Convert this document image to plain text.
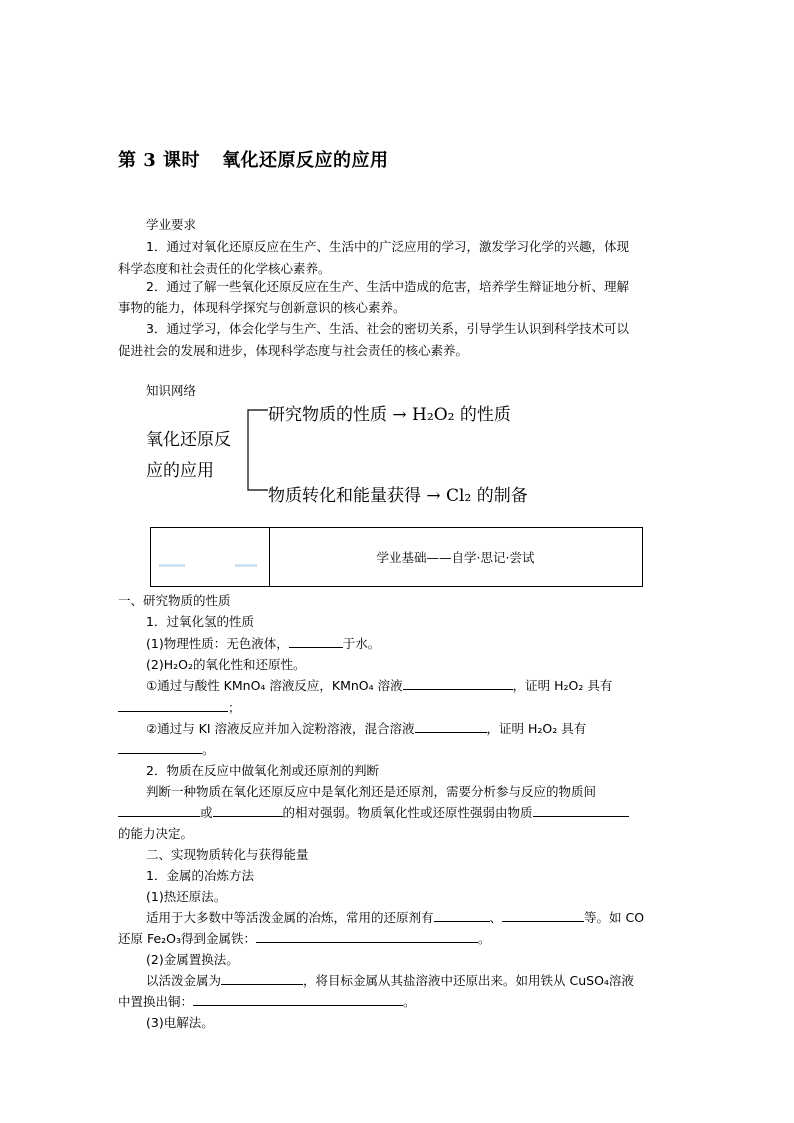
第 3 课时 氧化还原反应的应用
学业要求
1．通过对氧化还原反应在生产、生活中的广泛应用的学习，激发学习化学的兴趣，体现
科学态度和社会责任的化学核心素养。
2．通过了解一些氧化还原反应在生产、生活中造成的危害，培养学生辩证地分析、理解
事物的能力，体现科学探究与创新意识的核心素养。
3．通过学习，体会化学与生产、生活、社会的密切关系，引导学生认识到科学技术可以
促进社会的发展和进步，体现科学态度与社会责任的核心素养。
知识网络
氧化还原反
应的应用
研究物质的性质 → H₂O₂ 的性质
物质转化和能量获得 → Cl₂ 的制备
学业基础——自学·思记·尝试
一、研究物质的性质
1．过氧化氢的性质
(1)物理性质：无色液体，	于水。
(2)H₂O₂的氧化性和还原性。
①通过与酸性 KMnO₄ 溶液反应，KMnO₄ 溶液	，证明 H₂O₂ 具有
；
②通过与 KI 溶液反应并加入淀粉溶液，混合溶液	，证明 H₂O₂ 具有
。
2．物质在反应中做氧化剂或还原剂的判断
判断一种物质在氧化还原反应中是氧化剂还是还原剂，需要分析参与反应的物质间
或	的相对强弱。物质氧化性或还原性强弱由物质
的能力决定。
二、实现物质转化与获得能量
1．金属的冶炼方法
(1)热还原法。
适用于大多数中等活泼金属的冶炼，常用的还原剂有	、	等。如 CO
还原 Fe₂O₃得到金属铁：	。
(2)金属置换法。
以活泼金属为	，将目标金属从其盐溶液中还原出来。如用铁从 CuSO₄溶液
中置换出铜：	。
(3)电解法。
